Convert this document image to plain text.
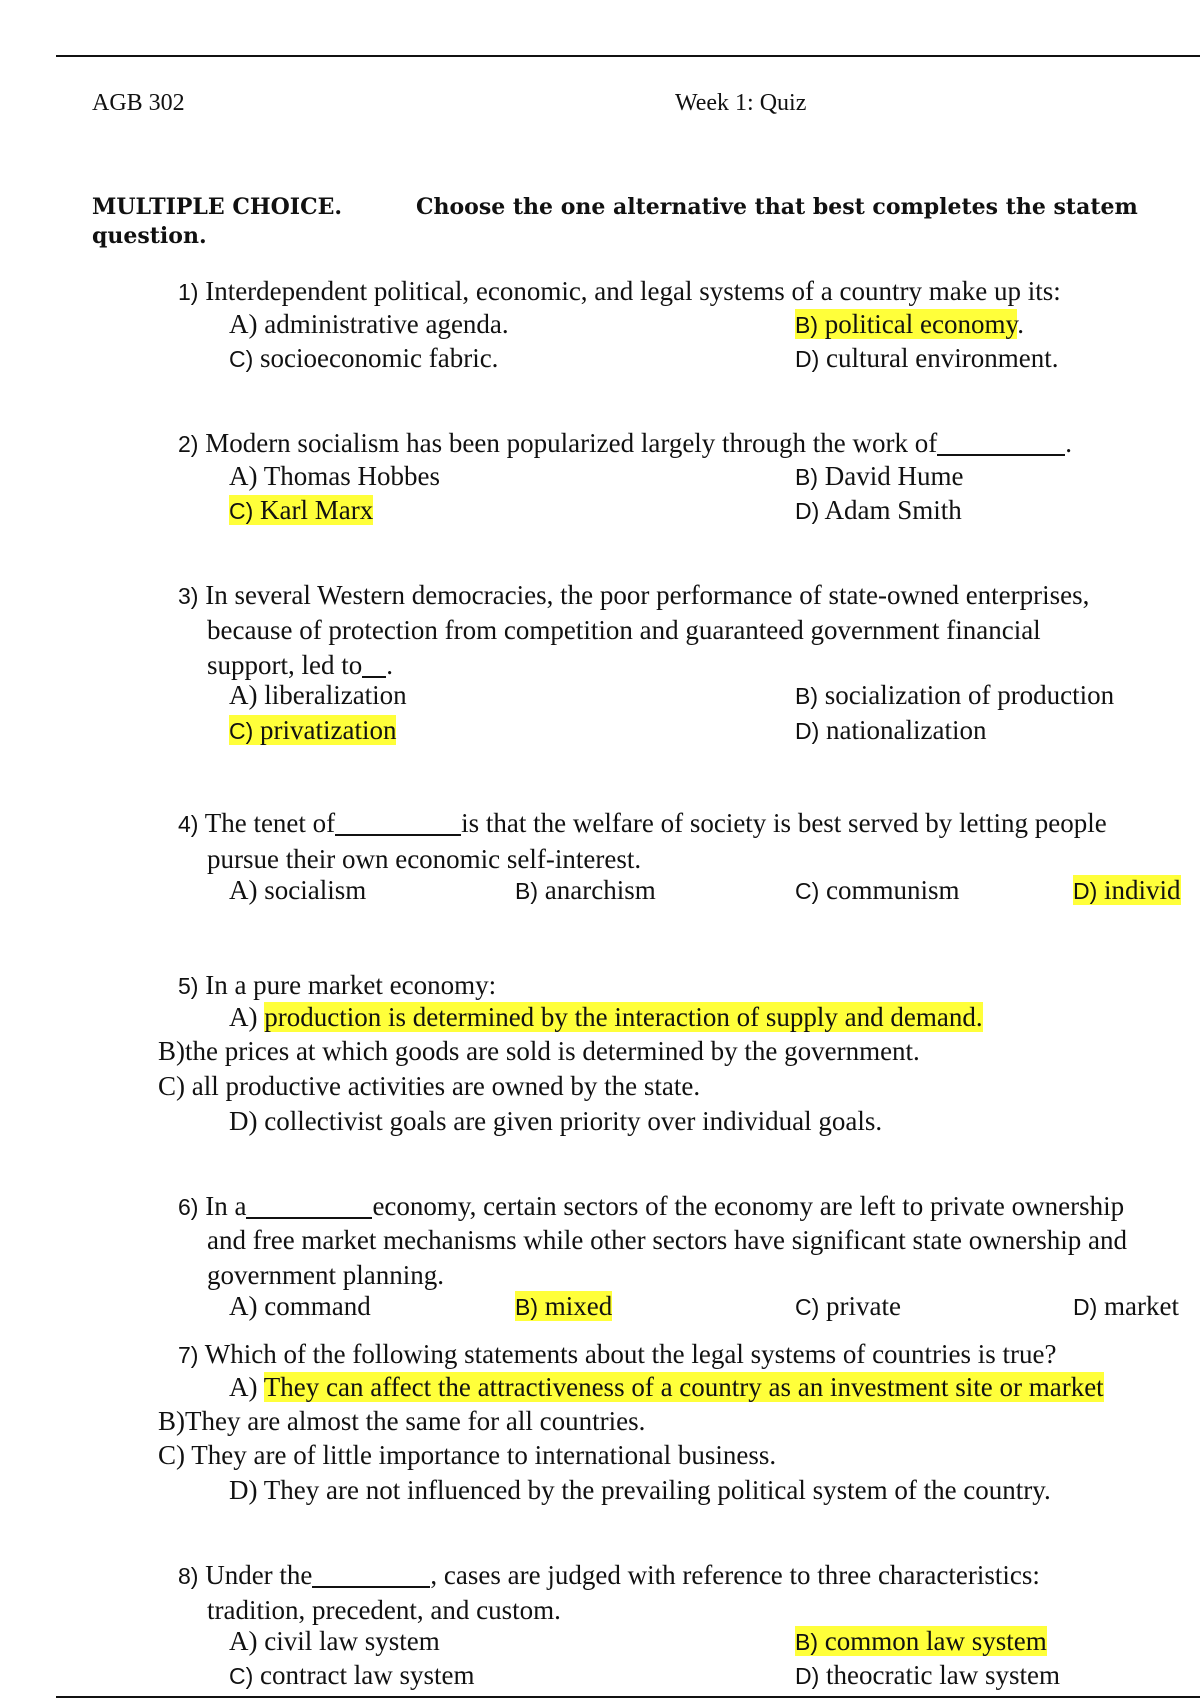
AGB 302	Week 1: Quiz
MULTIPLE CHOICE.	Choose the one alternative that best completes the statem
question.
1) Interdependent political, economic, and legal systems of a country make up its:
A) administrative agenda.	B) political economy.
C) socioeconomic fabric.	D) cultural environment.
2) Modern socialism has been popularized largely through the work of	.
A) Thomas Hobbes	B) David Hume
C) Karl Marx	D) Adam Smith
3) In several Western democracies, the poor performance of state-owned enterprises,
because of protection from competition and guaranteed government financial
support, led to .
A) liberalization	B) socialization of production
C) privatization	D) nationalization
4) The tenet of	is that the welfare of society is best served by letting people
pursue their own economic self-interest.
A) socialism	B) anarchism	C) communism	D) individ
5) In a pure market economy:
A) production is determined by the interaction of supply and demand.
B)the prices at which goods are sold is determined by the government.
C) all productive activities are owned by the state.
D) collectivist goals are given priority over individual goals.
6) In a	economy, certain sectors of the economy are left to private ownership
and free market mechanisms while other sectors have significant state ownership and
government planning.
A) command	B) mixed	C) private	D) market
7) Which of the following statements about the legal systems of countries is true?
A) They can affect the attractiveness of a country as an investment site or market
B)They are almost the same for all countries.
C) They are of little importance to international business.
D) They are not influenced by the prevailing political system of the country.
8) Under the	, cases are judged with reference to three characteristics:
tradition, precedent, and custom.
A) civil law system	B) common law system
C) contract law system	D) theocratic law system
